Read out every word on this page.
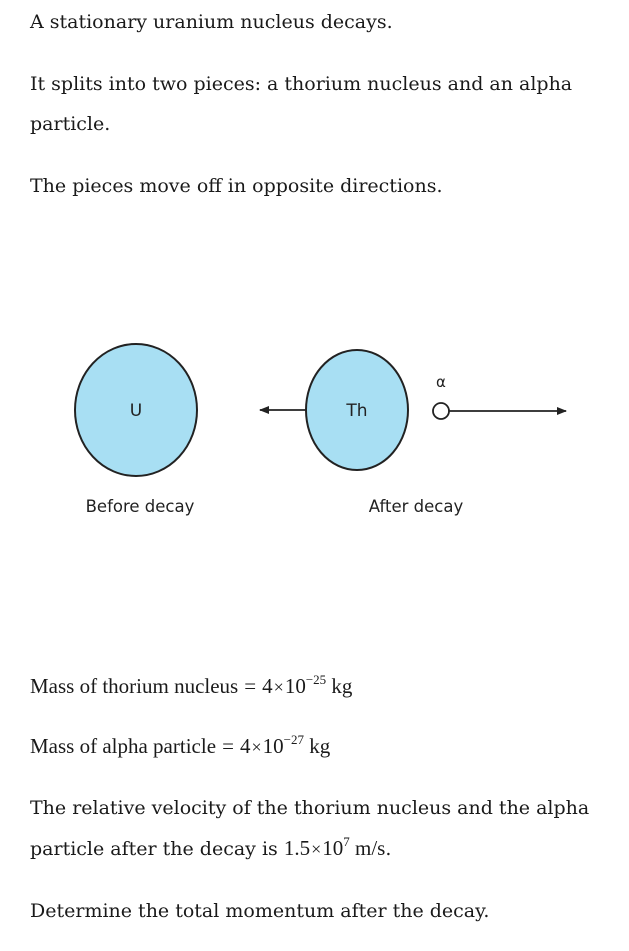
A stationary uranium nucleus decays.

It splits into two pieces: a thorium nucleus and an alpha
particle.

The pieces move off in opposite directions.

U	Th
α
Before decay	After decay

Mass of thorium nucleus = $4\times 10^{-25}$ kg

Mass of alpha particle = $4\times 10^{-27}$ kg

The relative velocity of the thorium nucleus and the alpha
particle after the decay is $1.5\times 10^7$ m/s.

Determine the total momentum after the decay.
